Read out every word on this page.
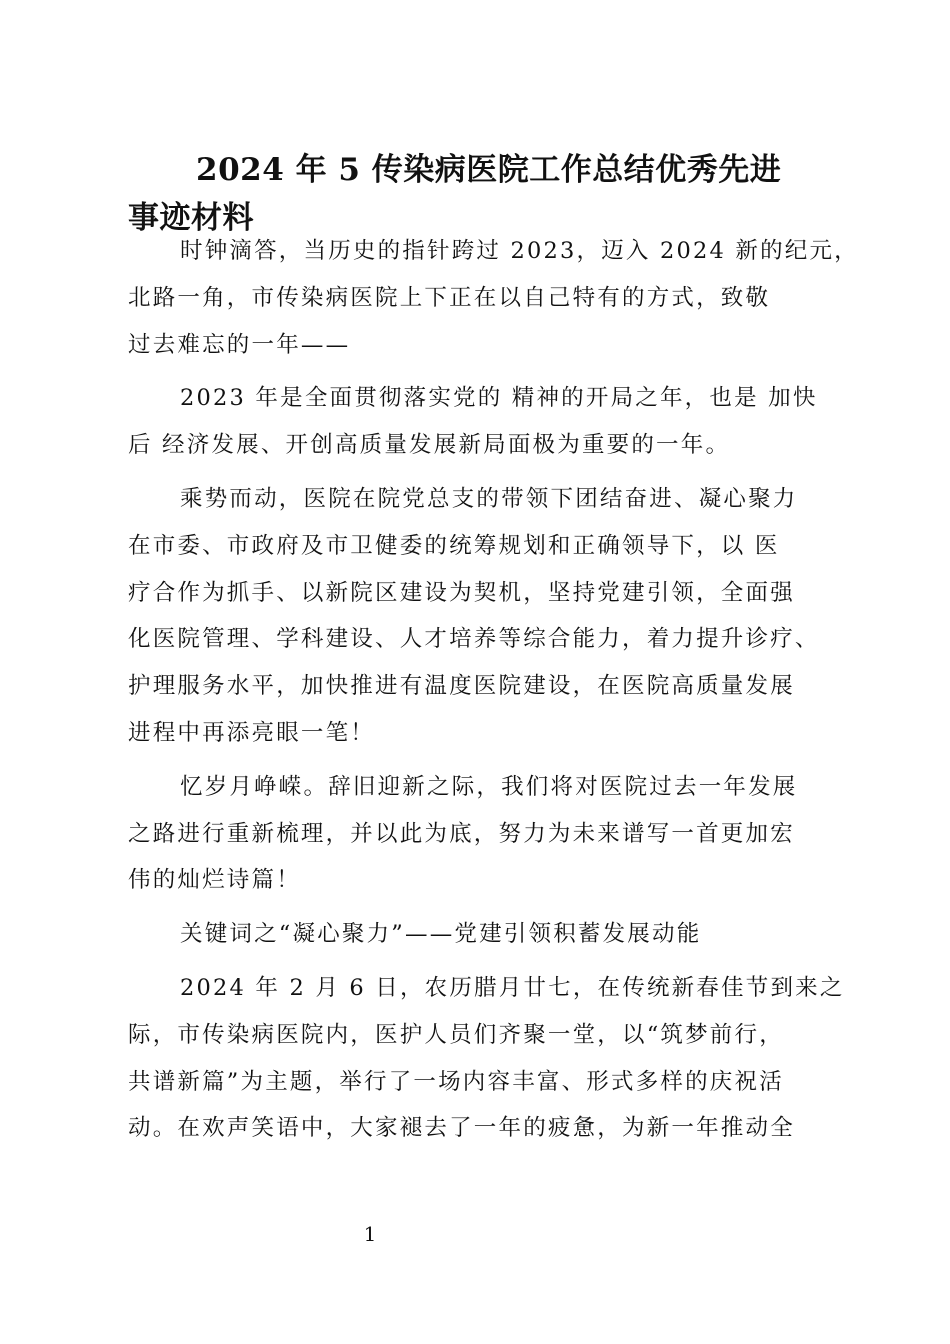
2024 年 5 传染病医院工作总结优秀先进
事迹材料

时钟滴答，当历史的指针跨过 2023，迈入 2024 新的纪元，
北路一角，市传染病医院上下正在以自己特有的方式，致敬
过去难忘的一年——

2023 年是全面贯彻落实党的 精神的开局之年，也是 加快
后 经济发展、开创高质量发展新局面极为重要的一年。

乘势而动，医院在院党总支的带领下团结奋进、凝心聚力
在市委、市政府及市卫健委的统筹规划和正确领导下，以 医
疗合作为抓手、以新院区建设为契机，坚持党建引领，全面强
化医院管理、学科建设、人才培养等综合能力，着力提升诊疗、
护理服务水平，加快推进有温度医院建设，在医院高质量发展
进程中再添亮眼一笔！

忆岁月峥嵘。辞旧迎新之际，我们将对医院过去一年发展
之路进行重新梳理，并以此为底，努力为未来谱写一首更加宏
伟的灿烂诗篇！

关键词之“凝心聚力”——党建引领积蓄发展动能

2024 年 2 月 6 日，农历腊月廿七，在传统新春佳节到来之
际，市传染病医院内，医护人员们齐聚一堂，以“筑梦前行，
共谱新篇”为主题，举行了一场内容丰富、形式多样的庆祝活
动。在欢声笑语中，大家褪去了一年的疲惫，为新一年推动全

1
